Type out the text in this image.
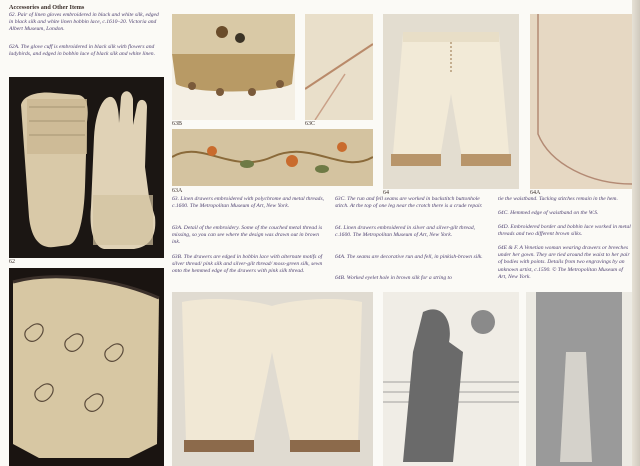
Accessories and Other Items
62. Pair of linen gloves embroidered in black and white silk, edged in black silk and white linen bobbin lace, c.1610–20. Victoria and Albert Museum, London.
62A. The glove cuff is embroidered in black silk with flowers and ladybirds, and edged in bobbin lace of black silk and white linen.
62
63B	63C
63A
63. Linen drawers embroidered with polychrome and metal threads, c.1600. The Metropolitan Museum of Art, New York.
63A. Detail of the embroidery. Some of the couched metal thread is missing, so you can see where the design was drawn out in brown ink.
63B. The drawers are edged in bobbin lace with alternate motifs of silver thread/ pink silk and silver-gilt thread/ moss-green silk, sewn onto the hemmed edge of the drawers with pink silk thread.
64	64A
63C. The run and fell seams are worked in backstitch buttonhole stitch. At the top of one leg near the crotch there is a crude repair.
64. Linen drawers embroidered in silver and silver-gilt thread, c.1600. The Metropolitan Museum of Art, New York.
64A. The seams are decorative run and fell, in pinkish-brown silk.
64B. Worked eyelet hole in brown silk for a string to
tie the waistband. Tacking stitches remain in the hem.
64C. Hemmed edge of waistband on the W.S.
64D. Embroidered border and bobbin lace worked in metal threads and two different brown silks.
64E & F. A Venetian woman wearing drawers or breeches under her gown. They are tied around the waist to her pair of bodies with points. Details from two engravings by an unknown artist, c.1590. © The Metropolitan Museum of Art, New York.
